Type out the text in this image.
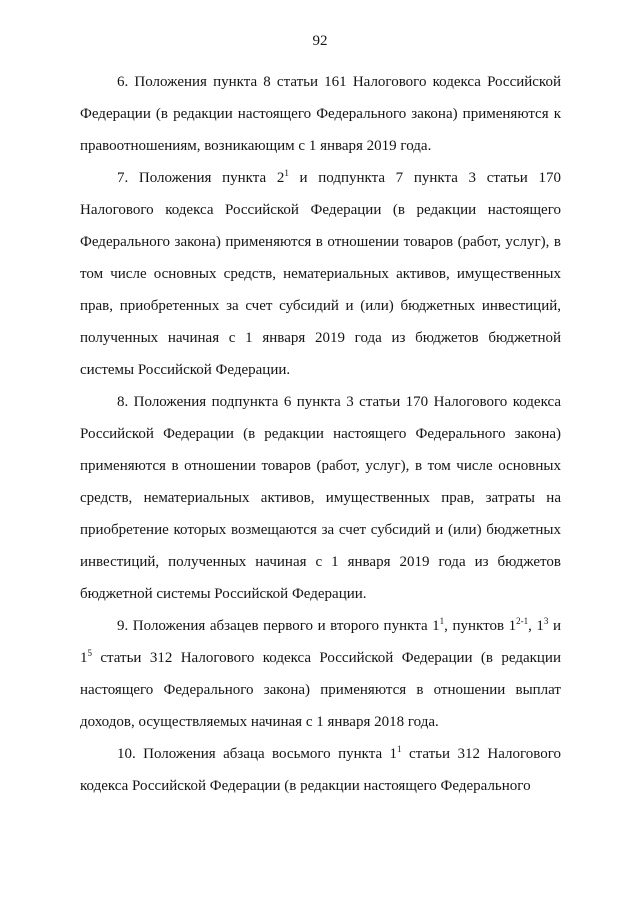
92

6. Положения пункта 8 статьи 161 Налогового кодекса Российской Федерации (в редакции настоящего Федерального закона) применяются к правоотношениям, возникающим с 1 января 2019 года.

7. Положения пункта $2^1$ и подпункта 7 пункта 3 статьи 170 Налогового кодекса Российской Федерации (в редакции настоящего Федерального закона) применяются в отношении товаров (работ, услуг), в том числе основных средств, нематериальных активов, имущественных прав, приобретенных за счет субсидий и (или) бюджетных инвестиций, полученных начиная с 1 января 2019 года из бюджетов бюджетной системы Российской Федерации.

8. Положения подпункта 6 пункта 3 статьи 170 Налогового кодекса Российской Федерации (в редакции настоящего Федерального закона) применяются в отношении товаров (работ, услуг), в том числе основных средств, нематериальных активов, имущественных прав, затраты на приобретение которых возмещаются за счет субсидий и (или) бюджетных инвестиций, полученных начиная с 1 января 2019 года из бюджетов бюджетной системы Российской Федерации.

9. Положения абзацев первого и второго пункта $1^1$, пунктов 1$^{2-1}$, $1^3$ и $1^5$ статьи 312 Налогового кодекса Российской Федерации (в редакции настоящего Федерального закона) применяются в отношении выплат доходов, осуществляемых начиная с 1 января 2018 года.

10. Положения абзаца восьмого пункта $1^1$ статьи 312 Налогового кодекса Российской Федерации (в редакции настоящего Федерального
